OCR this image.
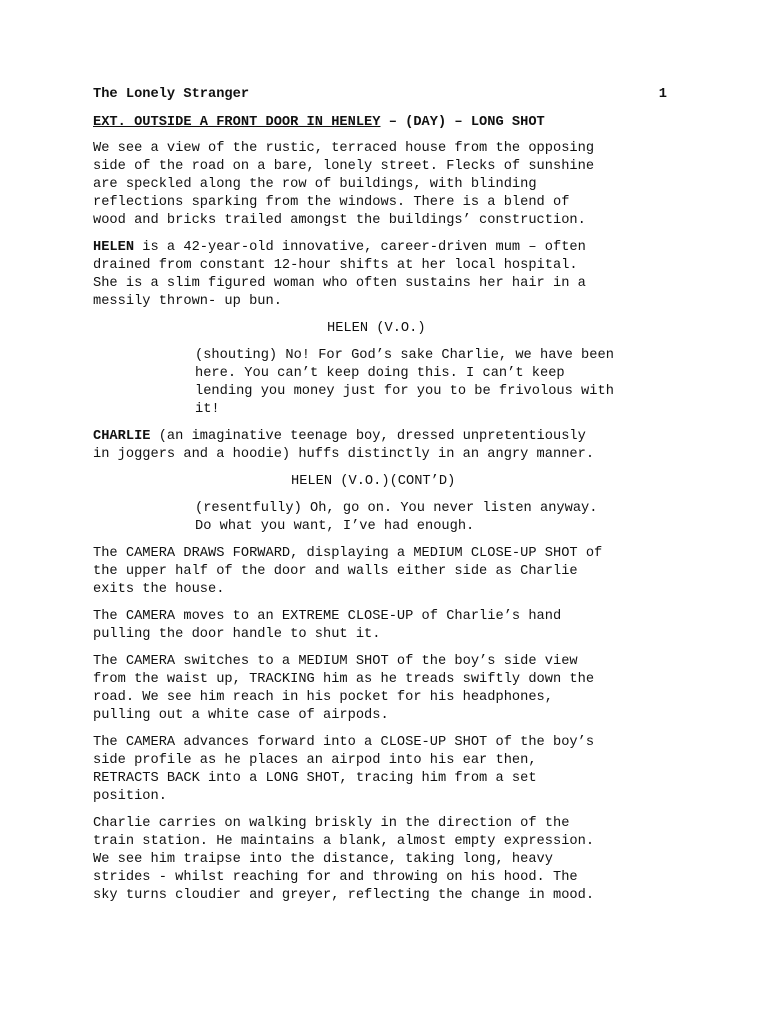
The Lonely Stranger	1
EXT. OUTSIDE A FRONT DOOR IN HENLEY – (DAY) – LONG SHOT

We see a view of the rustic, terraced house from the opposing
side of the road on a bare, lonely street. Flecks of sunshine
are speckled along the row of buildings, with blinding
reflections sparking from the windows. There is a blend of
wood and bricks trailed amongst the buildings’ construction.

HELEN is a 42-year-old innovative, career-driven mum – often
drained from constant 12-hour shifts at her local hospital.
She is a slim figured woman who often sustains her hair in a
messily thrown- up bun.

HELEN (V.O.)

(shouting) No! For God’s sake Charlie, we have been
here. You can’t keep doing this. I can’t keep
lending you money just for you to be frivolous with
it!

CHARLIE (an imaginative teenage boy, dressed unpretentiously
in joggers and a hoodie) huffs distinctly in an angry manner.

HELEN (V.O.)(CONT’D)

(resentfully) Oh, go on. You never listen anyway.
Do what you want, I’ve had enough.

The CAMERA DRAWS FORWARD, displaying a MEDIUM CLOSE-UP SHOT of
the upper half of the door and walls either side as Charlie
exits the house.

The CAMERA moves to an EXTREME CLOSE-UP of Charlie’s hand
pulling the door handle to shut it.

The CAMERA switches to a MEDIUM SHOT of the boy’s side view
from the waist up, TRACKING him as he treads swiftly down the
road. We see him reach in his pocket for his headphones,
pulling out a white case of airpods.

The CAMERA advances forward into a CLOSE-UP SHOT of the boy’s
side profile as he places an airpod into his ear then,
RETRACTS BACK into a LONG SHOT, tracing him from a set
position.

Charlie carries on walking briskly in the direction of the
train station. He maintains a blank, almost empty expression.
We see him traipse into the distance, taking long, heavy
strides - whilst reaching for and throwing on his hood. The
sky turns cloudier and greyer, reflecting the change in mood.
